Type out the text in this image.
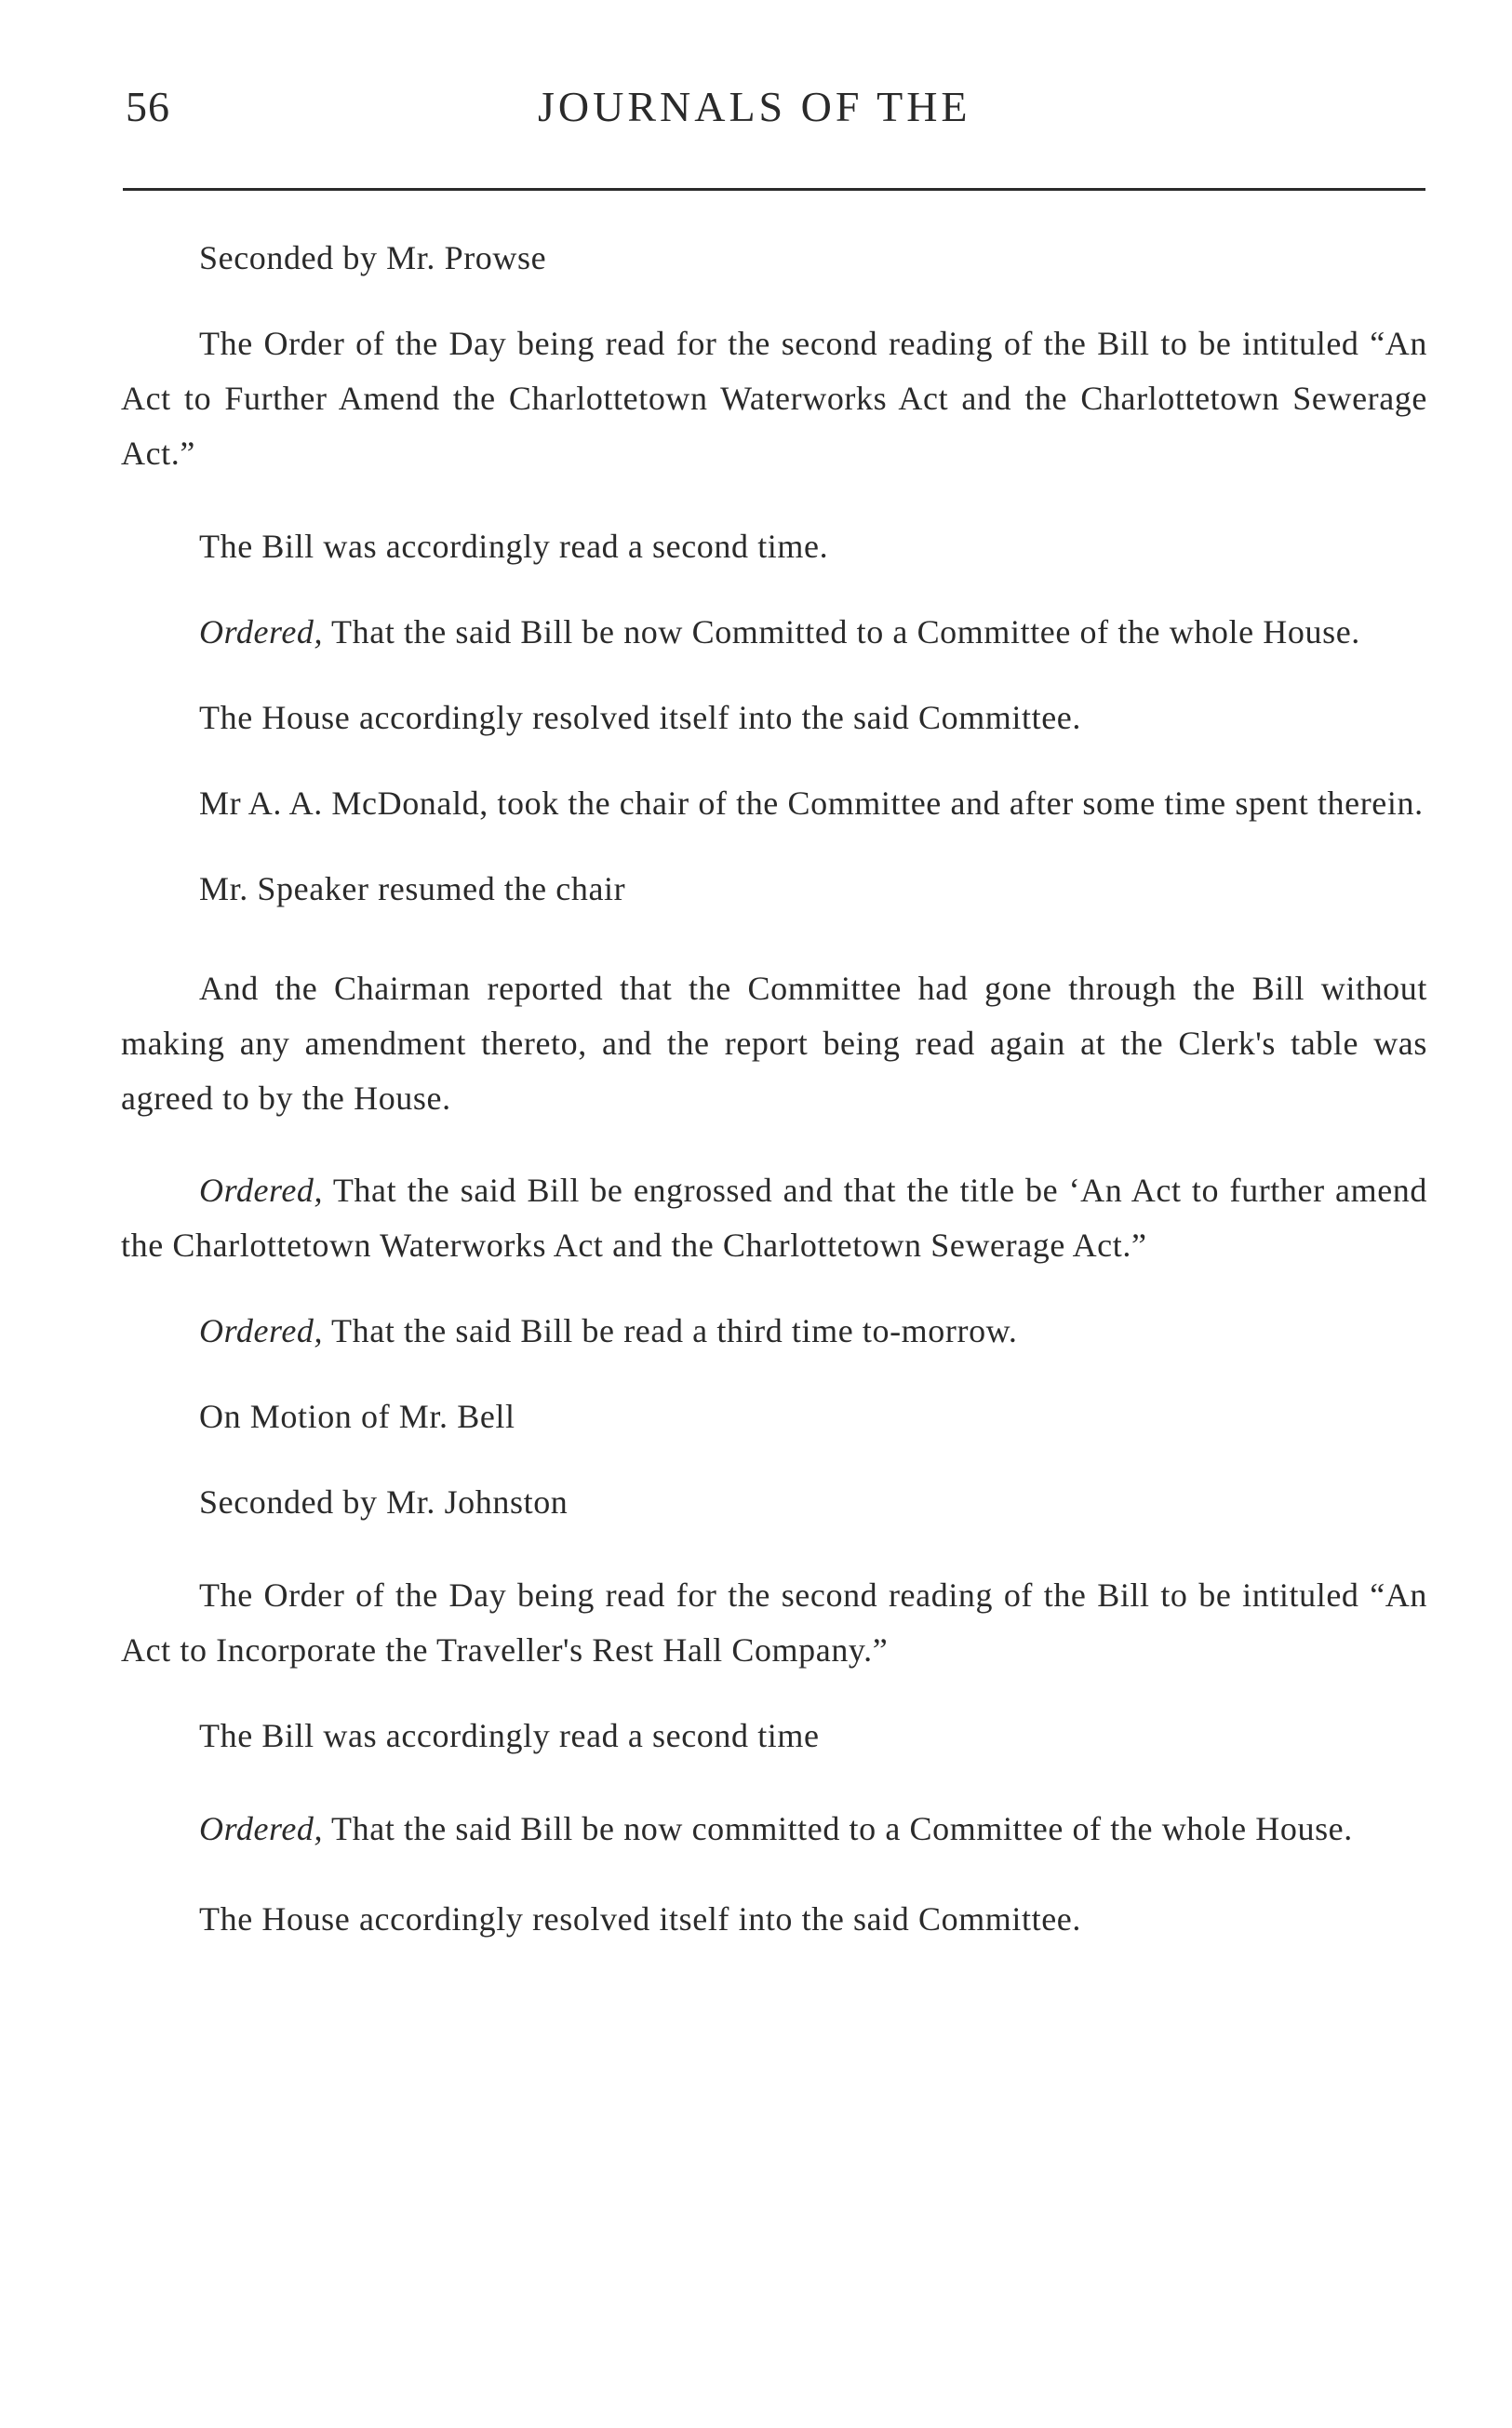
56	JOURNALS OF THE

Seconded by Mr. Prowse

The Order of the Day being read for the second reading of the Bill to be intituled “An Act to Further Amend the Charlottetown Waterworks Act and the Charlottetown Sewerage Act.”

The Bill was accordingly read a second time.

Ordered, That the said Bill be now Committed to a Committee of the whole House.

The House accordingly resolved itself into the said Committee.

Mr A. A. McDonald, took the chair of the Committee and after some time spent therein.

Mr. Speaker resumed the chair

And the Chairman reported that the Committee had gone through the Bill without making any amendment thereto, and the report being read again at the Clerk's table was agreed to by the House.

Ordered, That the said Bill be engrossed and that the title be ‘An Act to further amend the Charlottetown Waterworks Act and the Charlottetown Sewerage Act.”

Ordered, That the said Bill be read a third time to-morrow.

On Motion of Mr. Bell

Seconded by Mr. Johnston

The Order of the Day being read for the second reading of the Bill to be intituled “An Act to Incorporate the Traveller's Rest Hall Company.”

The Bill was accordingly read a second time

Ordered, That the said Bill be now committed to a Committee of the whole House.

The House accordingly resolved itself into the said Committee.
